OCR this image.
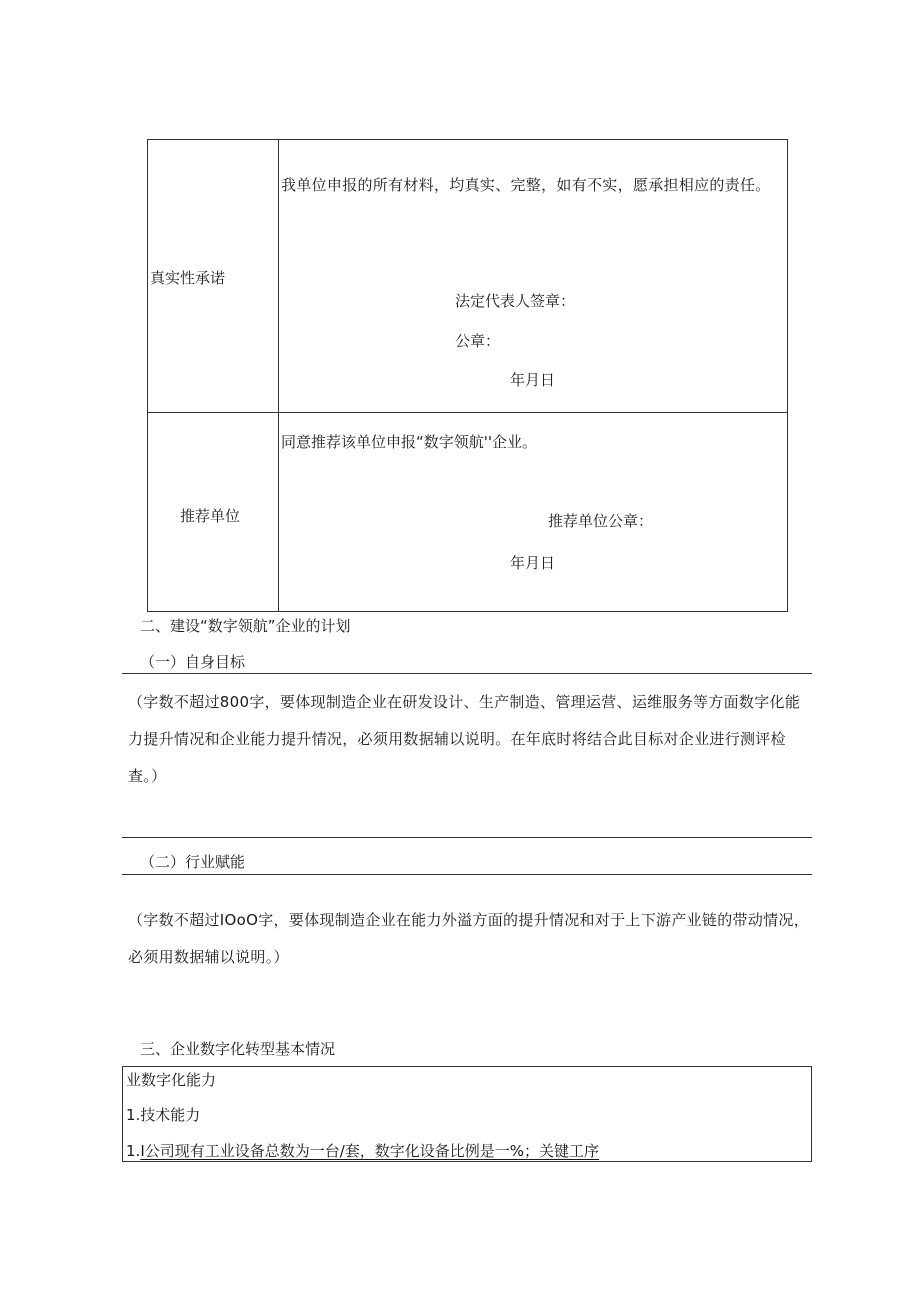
真实性承诺
我单位申报的所有材料，均真实、完整，如有不实，愿承担相应的责任。
法定代表人签章：
公章：
年月日
推荐单位
同意推荐该单位申报“数字领航''企业。
推荐单位公章：
年月日
二、建设“数字领航”企业的计划
（一）自身目标
（字数不超过800字，要体现制造企业在研发设计、生产制造、管理运营、运维服务等方面数字化能力提升情况和企业能力提升情况，必须用数据辅以说明。在年底时将结合此目标对企业进行测评检查。）
（二）行业赋能
（字数不超过IOoO字，要体现制造企业在能力外溢方面的提升情况和对于上下游产业链的带动情况，必须用数据辅以说明。）
三、企业数字化转型基本情况
业数字化能力
1.技术能力
1.I公司现有工业设备总数为一台/套，数字化设备比例是一%；关键工序
